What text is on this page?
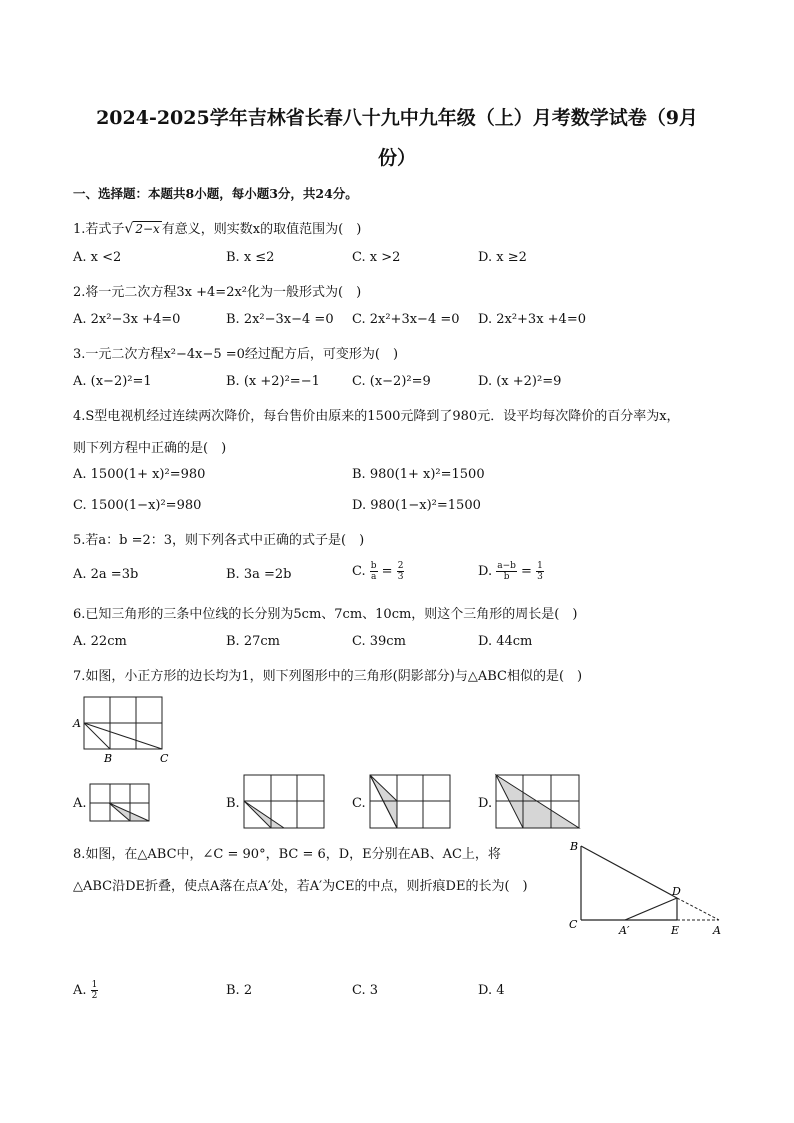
2024-2025学年吉林省长春八十九中九年级（上）月考数学试卷（9月
份）
一、选择题：本题共8小题，每小题3分，共24分。
1.若式子√ 2−x 有意义，则实数x的取值范围为(　)
A. x <2	B. x ≤2	C. x >2	D. x ≥2
2.将一元二次方程3x +4=2x²化为一般形式为(　)
A. 2x²−3x +4=0	B. 2x²−3x−4 =0 C. 2x²+3x−4 =0 D. 2x²+3x +4=0
3.一元二次方程x²−4x−5 =0经过配方后，可变形为(　)
A. (x−2)²=1	B. (x +2)²=−1 C. (x−2)²=9	D. (x +2)²=9
4.S型电视机经过连续两次降价，每台售价由原来的1500元降到了980元．设平均每次降价的百分率为x，
则下列方程中正确的是(　)
A. 1500(1+ x)²=980	B. 980(1+ x)²=1500
C. 1500(1−x)²=980	D. 980(1−x)²=1500
5.若a：b =2：3，则下列各式中正确的式子是(　)
A. 2a =3b	B. 3a =2b	C. $\frac{b}{a} = \frac{2}{3}$	D. $\frac{a-b}{b} = \frac{1}{3}$
6.已知三角形的三条中位线的长分别为5cm、7cm、10cm，则这个三角形的周长是(　)
A. 22cm	B. 27cm	C. 39cm	D. 44cm
7.如图，小正方形的边长均为1，则下列图形中的三角形(阴影部分)与△ABC相似的是(　)
A
B	C
A.	B.	C.	D.
8.如图，在△ABC中，∠C = 90°，BC = 6，D，E分别在AB、AC上，将
△ABC沿DE折叠，使点A落在点A′处，若A′为CE的中点，则折痕DE的长为(　)
B
C
D
A′	E	A
A. $\frac{1}{2}$	B. 2	C. 3	D. 4
